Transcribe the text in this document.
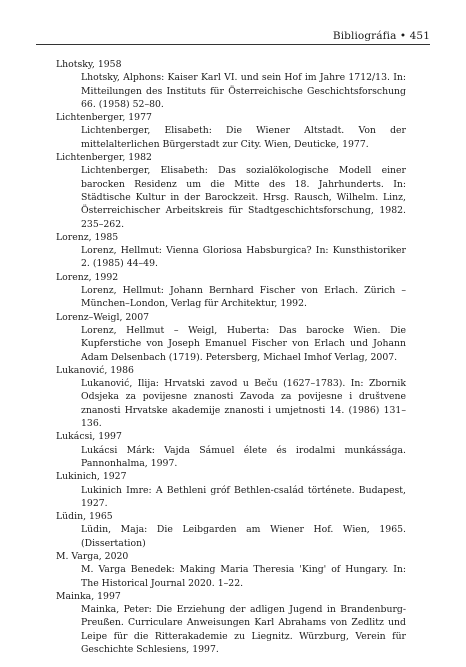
Bibliográfia • 451
Lhotsky, 1958
Lhotsky, Alphons: Kaiser Karl VI. und sein Hof im Jahre 1712/13. In: Mitteilungen des Instituts für Österreichische Geschichtsforschung 66. (1958) 52–80.
Lichtenberger, 1977
Lichtenberger, Elisabeth: Die Wiener Altstadt. Von der mittelalterlichen Bürgerstadt zur City. Wien, Deuticke, 1977.
Lichtenberger, 1982
Lichtenberger, Elisabeth: Das sozialökologische Modell einer barocken Residenz um die Mitte des 18. Jahrhunderts. In: Städtische Kultur in der Barockzeit. Hrsg. Rausch, Wilhelm. Linz, Österreichischer Arbeitskreis für Stadtgeschichtsforschung, 1982. 235–262.
Lorenz, 1985
Lorenz, Hellmut: Vienna Gloriosa Habsburgica? In: Kunsthistoriker 2. (1985) 44–49.
Lorenz, 1992
Lorenz, Hellmut: Johann Bernhard Fischer von Erlach. Zürich – München–London, Verlag für Architektur, 1992.
Lorenz–Weigl, 2007
Lorenz, Hellmut – Weigl, Huberta: Das barocke Wien. Die Kupferstiche von Joseph Emanuel Fischer von Erlach und Johann Adam Delsenbach (1719). Petersberg, Michael Imhof Verlag, 2007.
Lukanović, 1986
Lukanović, Ilija: Hrvatski zavod u Beču (1627–1783). In: Zbornik Odsjeka za povijesne znanosti Zavoda za povijesne i društvene znanosti Hrvatske akademije znanosti i umjetnosti 14. (1986) 131–136.
Lukácsi, 1997
Lukácsi Márk: Vajda Sámuel élete és irodalmi munkássága. Pannonhalma, 1997.
Lukinich, 1927
Lukinich Imre: A Bethleni gróf Bethlen-család története. Budapest, 1927.
Lüdin, 1965
Lüdin, Maja: Die Leibgarden am Wiener Hof. Wien, 1965. (Dissertation)
M. Varga, 2020
M. Varga Benedek: Making Maria Theresia 'King' of Hungary. In: The Historical Journal 2020. 1–22.
Mainka, 1997
Mainka, Peter: Die Erziehung der adligen Jugend in Brandenburg-Preußen. Curriculare Anweisungen Karl Abrahams von Zedlitz und Leipe für die Ritterakademie zu Liegnitz. Würzburg, Verein für Geschichte Schlesiens, 1997.
